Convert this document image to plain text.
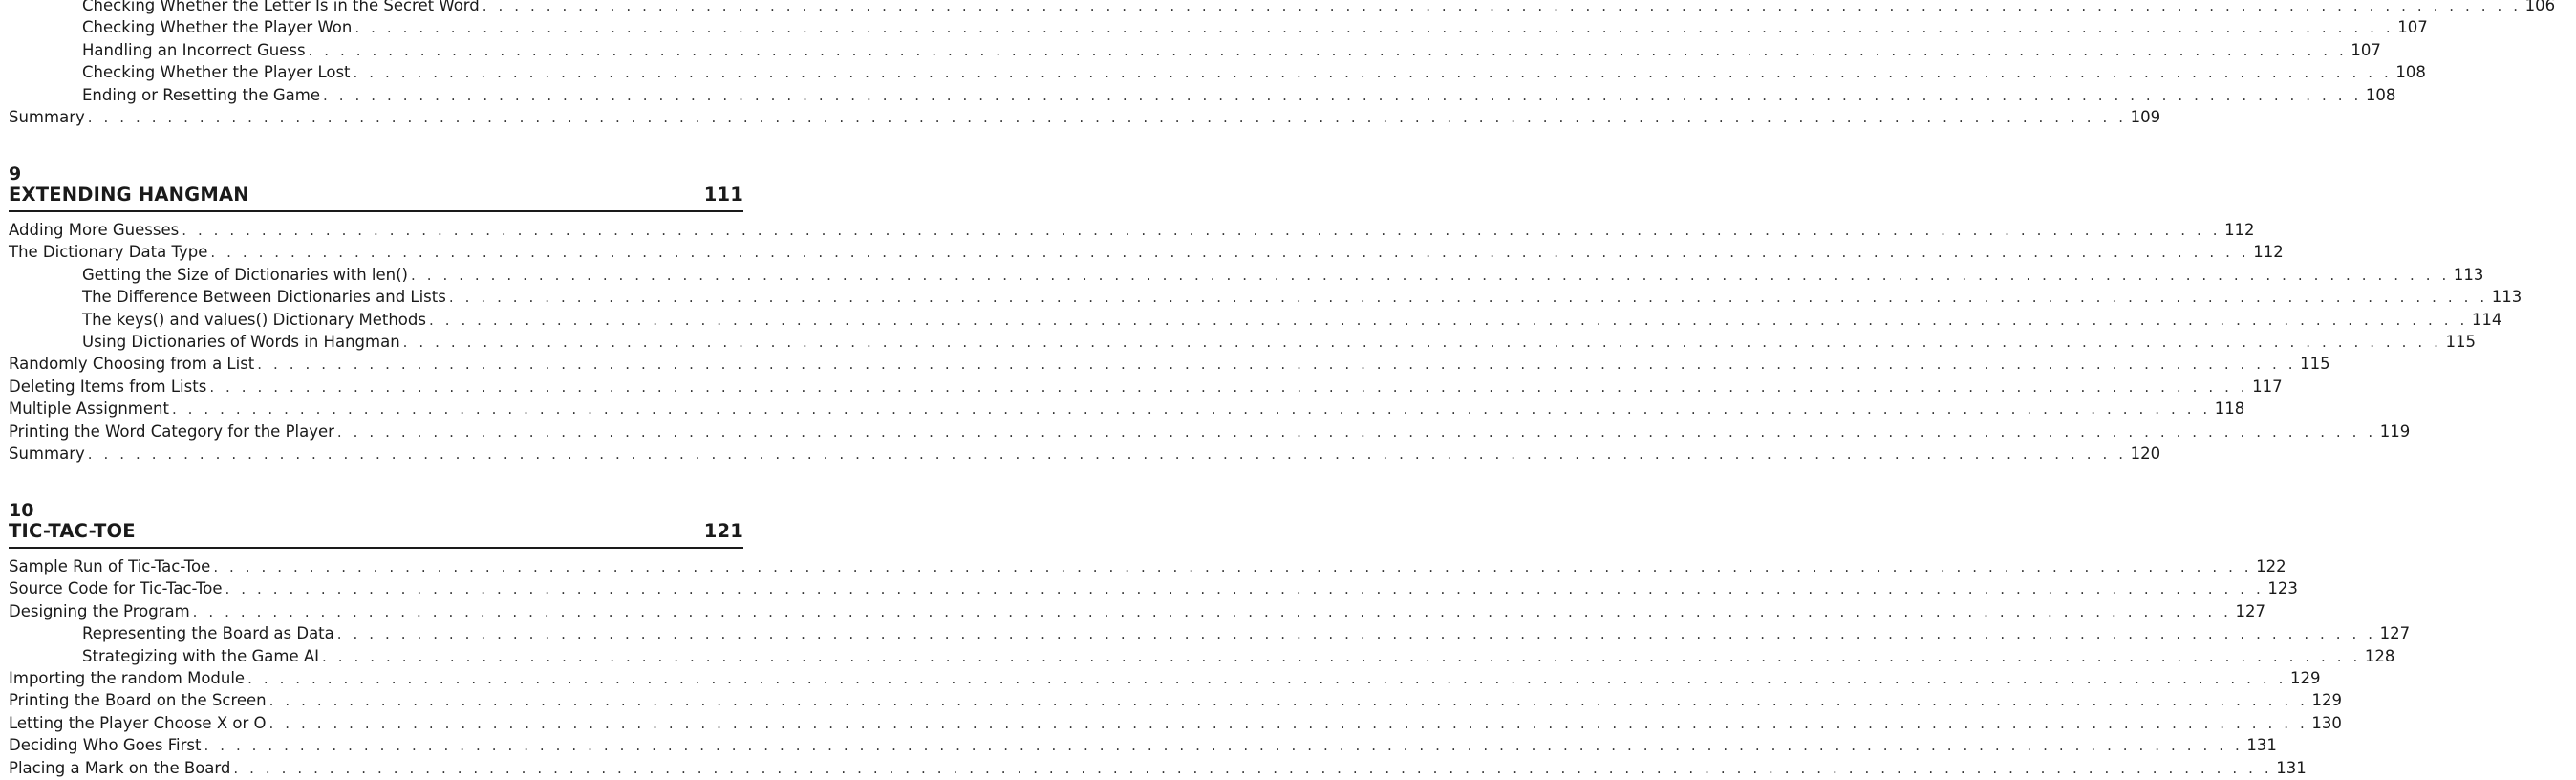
Checking Whether the Letter Is in the Secret Word . . .	106
Checking Whether the Player Won . . .	107
Handling an Incorrect Guess . . .	107
Checking Whether the Player Lost . . .	108
Ending or Resetting the Game . . .	108
Summary . . .	109
9
EXTENDING HANGMAN	111
Adding More Guesses . . .	112
The Dictionary Data Type . . .	112
Getting the Size of Dictionaries with len() . . .	113
The Difference Between Dictionaries and Lists . . .	113
The keys() and values() Dictionary Methods . . .	114
Using Dictionaries of Words in Hangman . . .	115
Randomly Choosing from a List . . .	115
Deleting Items from Lists . . .	117
Multiple Assignment . . .	118
Printing the Word Category for the Player . . .	119
Summary . . .	120
10
TIC-TAC-TOE	121
Sample Run of Tic-Tac-Toe . . .	122
Source Code for Tic-Tac-Toe . . .	123
Designing the Program . . .	127
Representing the Board as Data . . .	127
Strategizing with the Game AI . . .	128
Importing the random Module . . .	129
Printing the Board on the Screen . . .	129
Letting the Player Choose X or O . . .	130
Deciding Who Goes First . . .	131
Placing a Mark on the Board . . .	131
